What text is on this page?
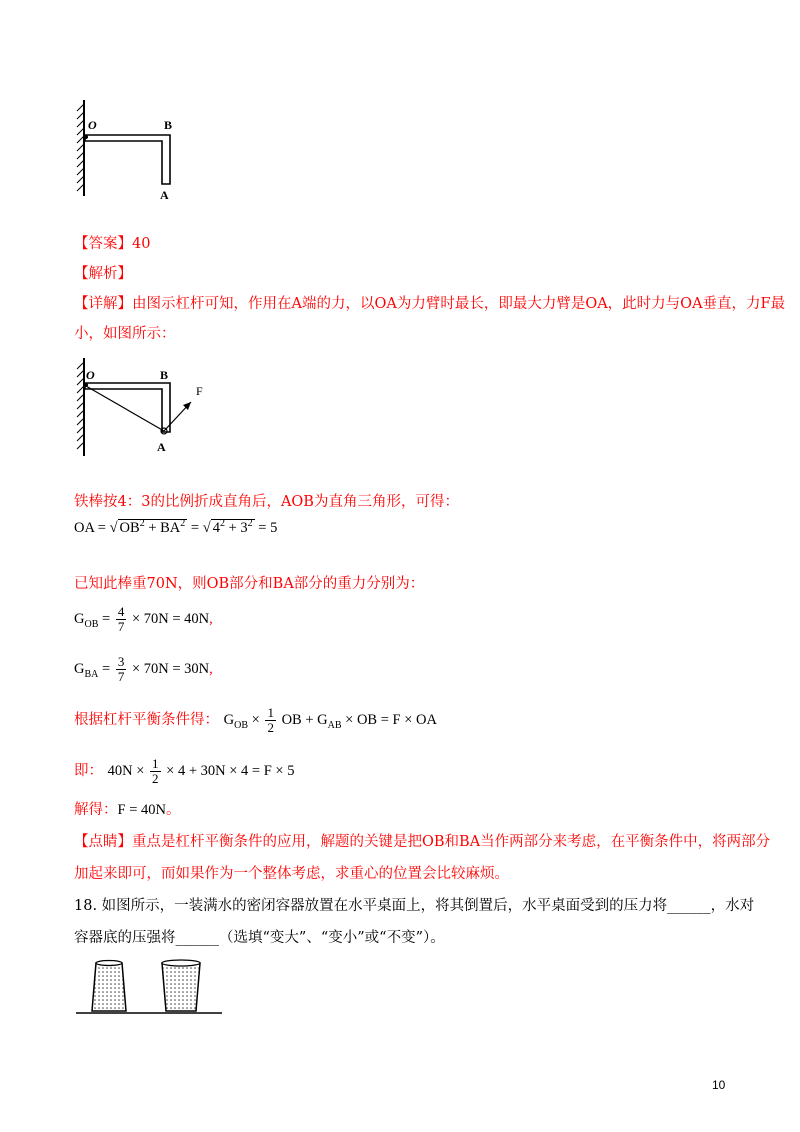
O	B
A
【答案】40
【解析】
【详解】由图示杠杆可知，作用在A端的力，以OA为力臂时最长，即最大力臂是OA，此时力与OA垂直，力F最
小，如图所示：
O	B
F
A
铁棒按4：3的比例折成直角后，AOB为直角三角形，可得：
OA = √ $OB^2 + BA^2$ = √ $4^2 + 3^2 = 5$
已知此棒重70N，则OB部分和BA部分的重力分别为：
$G_{OB} = \frac{4}{7} \times 70N = 40N$,
$G_{BA} = \frac{3}{7} \times 70N = 30N$,
根据杠杆平衡条件得： $G_{OB} \times \frac{1}{2}$ OB + $G_{AB}$ × OB = F × OA
即： $40N \times \frac{1}{2} \times 4 + 30N \times 4 = F \times 5$
解得：F = 40N。
【点睛】重点是杠杆平衡条件的应用，解题的关键是把OB和BA当作两部分来考虑，在平衡条件中，将两部分
加起来即可，而如果作为一个整体考虑，求重心的位置会比较麻烦。
18. 如图所示，一装满水的密闭容器放置在水平桌面上，将其倒置后，水平桌面受到的压力将______，水对
容器底的压强将______（选填“变大”、“变小”或“不变”）。
10
